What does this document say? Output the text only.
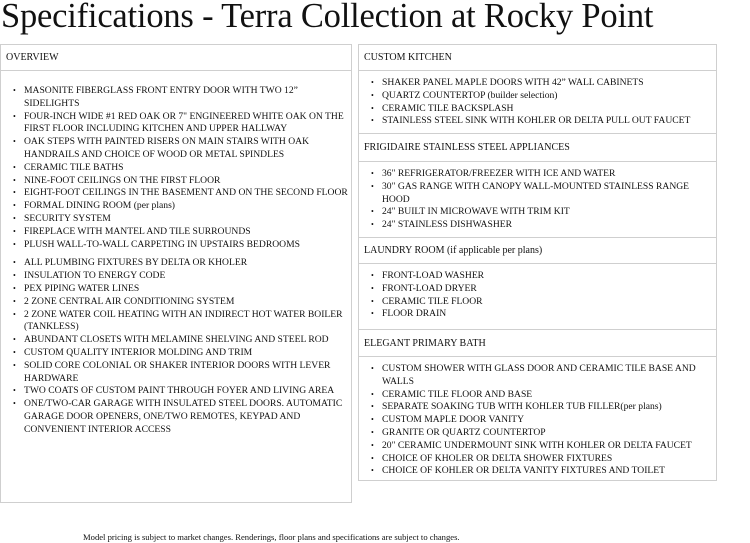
Specifications - Terra Collection at Rocky Point
OVERVIEW
• MASONITE FIBERGLASS FRONT ENTRY DOOR WITH TWO 12” SIDELIGHTS
• FOUR-INCH WIDE #1 RED OAK OR 7" ENGINEERED WHITE OAK ON THE FIRST FLOOR INCLUDING KITCHEN AND UPPER HALLWAY
• OAK STEPS WITH PAINTED RISERS ON MAIN STAIRS WITH OAK HANDRAILS AND CHOICE OF WOOD OR METAL SPINDLES
• CERAMIC TILE BATHS
• NINE-FOOT CEILINGS ON THE FIRST FLOOR
• EIGHT-FOOT CEILINGS IN THE BASEMENT AND ON THE SECOND FLOOR
• FORMAL DINING ROOM (per plans)
• SECURITY SYSTEM
• FIREPLACE WITH MANTEL AND TILE SURROUNDS
• PLUSH WALL-TO-WALL CARPETING IN UPSTAIRS BEDROOMS
• ALL PLUMBING FIXTURES BY DELTA OR KHOLER
• INSULATION TO ENERGY CODE
• PEX PIPING WATER LINES
• 2 ZONE CENTRAL AIR CONDITIONING SYSTEM
• 2 ZONE WATER COIL HEATING WITH AN INDIRECT HOT WATER BOILER (TANKLESS)
• ABUNDANT CLOSETS WITH MELAMINE SHELVING AND STEEL ROD
• CUSTOM QUALITY INTERIOR MOLDING AND TRIM
• SOLID CORE COLONIAL OR SHAKER INTERIOR DOORS WITH LEVER HARDWARE
• TWO COATS OF CUSTOM PAINT THROUGH FOYER AND LIVING AREA
• ONE/TWO-CAR GARAGE WITH INSULATED STEEL DOORS. AUTOMATIC GARAGE DOOR OPENERS, ONE/TWO REMOTES, KEYPAD AND CONVENIENT INTERIOR ACCESS
CUSTOM KITCHEN
• SHAKER PANEL MAPLE DOORS WITH 42” WALL CABINETS
• QUARTZ COUNTERTOP (builder selection)
• CERAMIC TILE BACKSPLASH
• STAINLESS STEEL SINK WITH KOHLER OR DELTA PULL OUT FAUCET
FRIGIDAIRE STAINLESS STEEL APPLIANCES
• 36" REFRIGERATOR/FREEZER WITH ICE AND WATER
• 30" GAS RANGE WITH CANOPY WALL-MOUNTED STAINLESS RANGE HOOD
• 24" BUILT IN MICROWAVE WITH TRIM KIT
• 24" STAINLESS DISHWASHER
LAUNDRY ROOM (if applicable per plans)
• FRONT-LOAD WASHER
• FRONT-LOAD DRYER
• CERAMIC TILE FLOOR
• FLOOR DRAIN
ELEGANT PRIMARY BATH
• CUSTOM SHOWER WITH GLASS DOOR AND CERAMIC TILE BASE AND WALLS
• CERAMIC TILE FLOOR AND BASE
• SEPARATE SOAKING TUB WITH KOHLER TUB FILLER(per plans)
• CUSTOM MAPLE DOOR VANITY
• GRANITE OR QUARTZ COUNTERTOP
• 20" CERAMIC UNDERMOUNT SINK WITH KOHLER OR DELTA FAUCET
• CHOICE OF KHOLER OR DELTA SHOWER FIXTURES
• CHOICE OF KOHLER OR DELTA VANITY FIXTURES AND TOILET
Model pricing is subject to market changes. Renderings, floor plans and specifications are subject to changes.
